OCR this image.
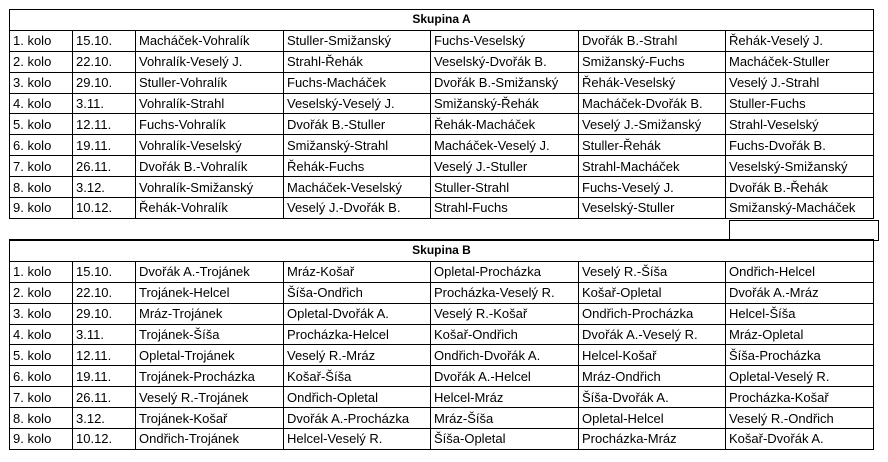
Skupina A						
1. kolo	15.10.	Macháček-Vohralík	Stuller-Smižanský	Fuchs-Veselský	Dvořák B.-Strahl	Řehák-Veselý J.
2. kolo	22.10.	Vohralík-Veselý J.	Strahl-Řehák	Veselský-Dvořák B.	Smižanský-Fuchs	Macháček-Stuller
3. kolo	29.10.	Stuller-Vohralík	Fuchs-Macháček	Dvořák B.-Smižanský	Řehák-Veselský	Veselý J.-Strahl
4. kolo	3.11.	Vohralík-Strahl	Veselský-Veselý J.	Smižanský-Řehák	Macháček-Dvořák B.	Stuller-Fuchs
5. kolo	12.11.	Fuchs-Vohralík	Dvořák B.-Stuller	Řehák-Macháček	Veselý J.-Smižanský	Strahl-Veselský
6. kolo	19.11.	Vohralík-Veselský	Smižanský-Strahl	Macháček-Veselý J.	Stuller-Řehák	Fuchs-Dvořák B.
7. kolo	26.11.	Dvořák B.-Vohralík	Řehák-Fuchs	Veselý J.-Stuller	Strahl-Macháček	Veselský-Smižanský
8. kolo	3.12.	Vohralík-Smižanský	Macháček-Veselský	Stuller-Strahl	Fuchs-Veselý J.	Dvořák B.-Řehák
9. kolo	10.12.	Řehák-Vohralík	Veselý J.-Dvořák B.	Strahl-Fuchs	Veselský-Stuller	Smižanský-Macháček
Skupina B						
1. kolo	15.10.	Dvořák A.-Trojánek	Mráz-Košař	Opletal-Procházka	Veselý R.-Šíša	Ondřich-Helcel
2. kolo	22.10.	Trojánek-Helcel	Šíša-Ondřich	Procházka-Veselý R.	Košař-Opletal	Dvořák A.-Mráz
3. kolo	29.10.	Mráz-Trojánek	Opletal-Dvořák A.	Veselý R.-Košař	Ondřich-Procházka	Helcel-Šíša
4. kolo	3.11.	Trojánek-Šíša	Procházka-Helcel	Košař-Ondřich	Dvořák A.-Veselý R.	Mráz-Opletal
5. kolo	12.11.	Opletal-Trojánek	Veselý R.-Mráz	Ondřich-Dvořák A.	Helcel-Košař	Šíša-Procházka
6. kolo	19.11.	Trojánek-Procházka	Košař-Šíša	Dvořák A.-Helcel	Mráz-Ondřich	Opletal-Veselý R.
7. kolo	26.11.	Veselý R.-Trojánek	Ondřich-Opletal	Helcel-Mráz	Šíša-Dvořák A.	Procházka-Košař
8. kolo	3.12.	Trojánek-Košař	Dvořák A.-Procházka	Mráz-Šíša	Opletal-Helcel	Veselý R.-Ondřich
9. kolo	10.12.	Ondřich-Trojánek	Helcel-Veselý R.	Šíša-Opletal	Procházka-Mráz	Košař-Dvořák A.
